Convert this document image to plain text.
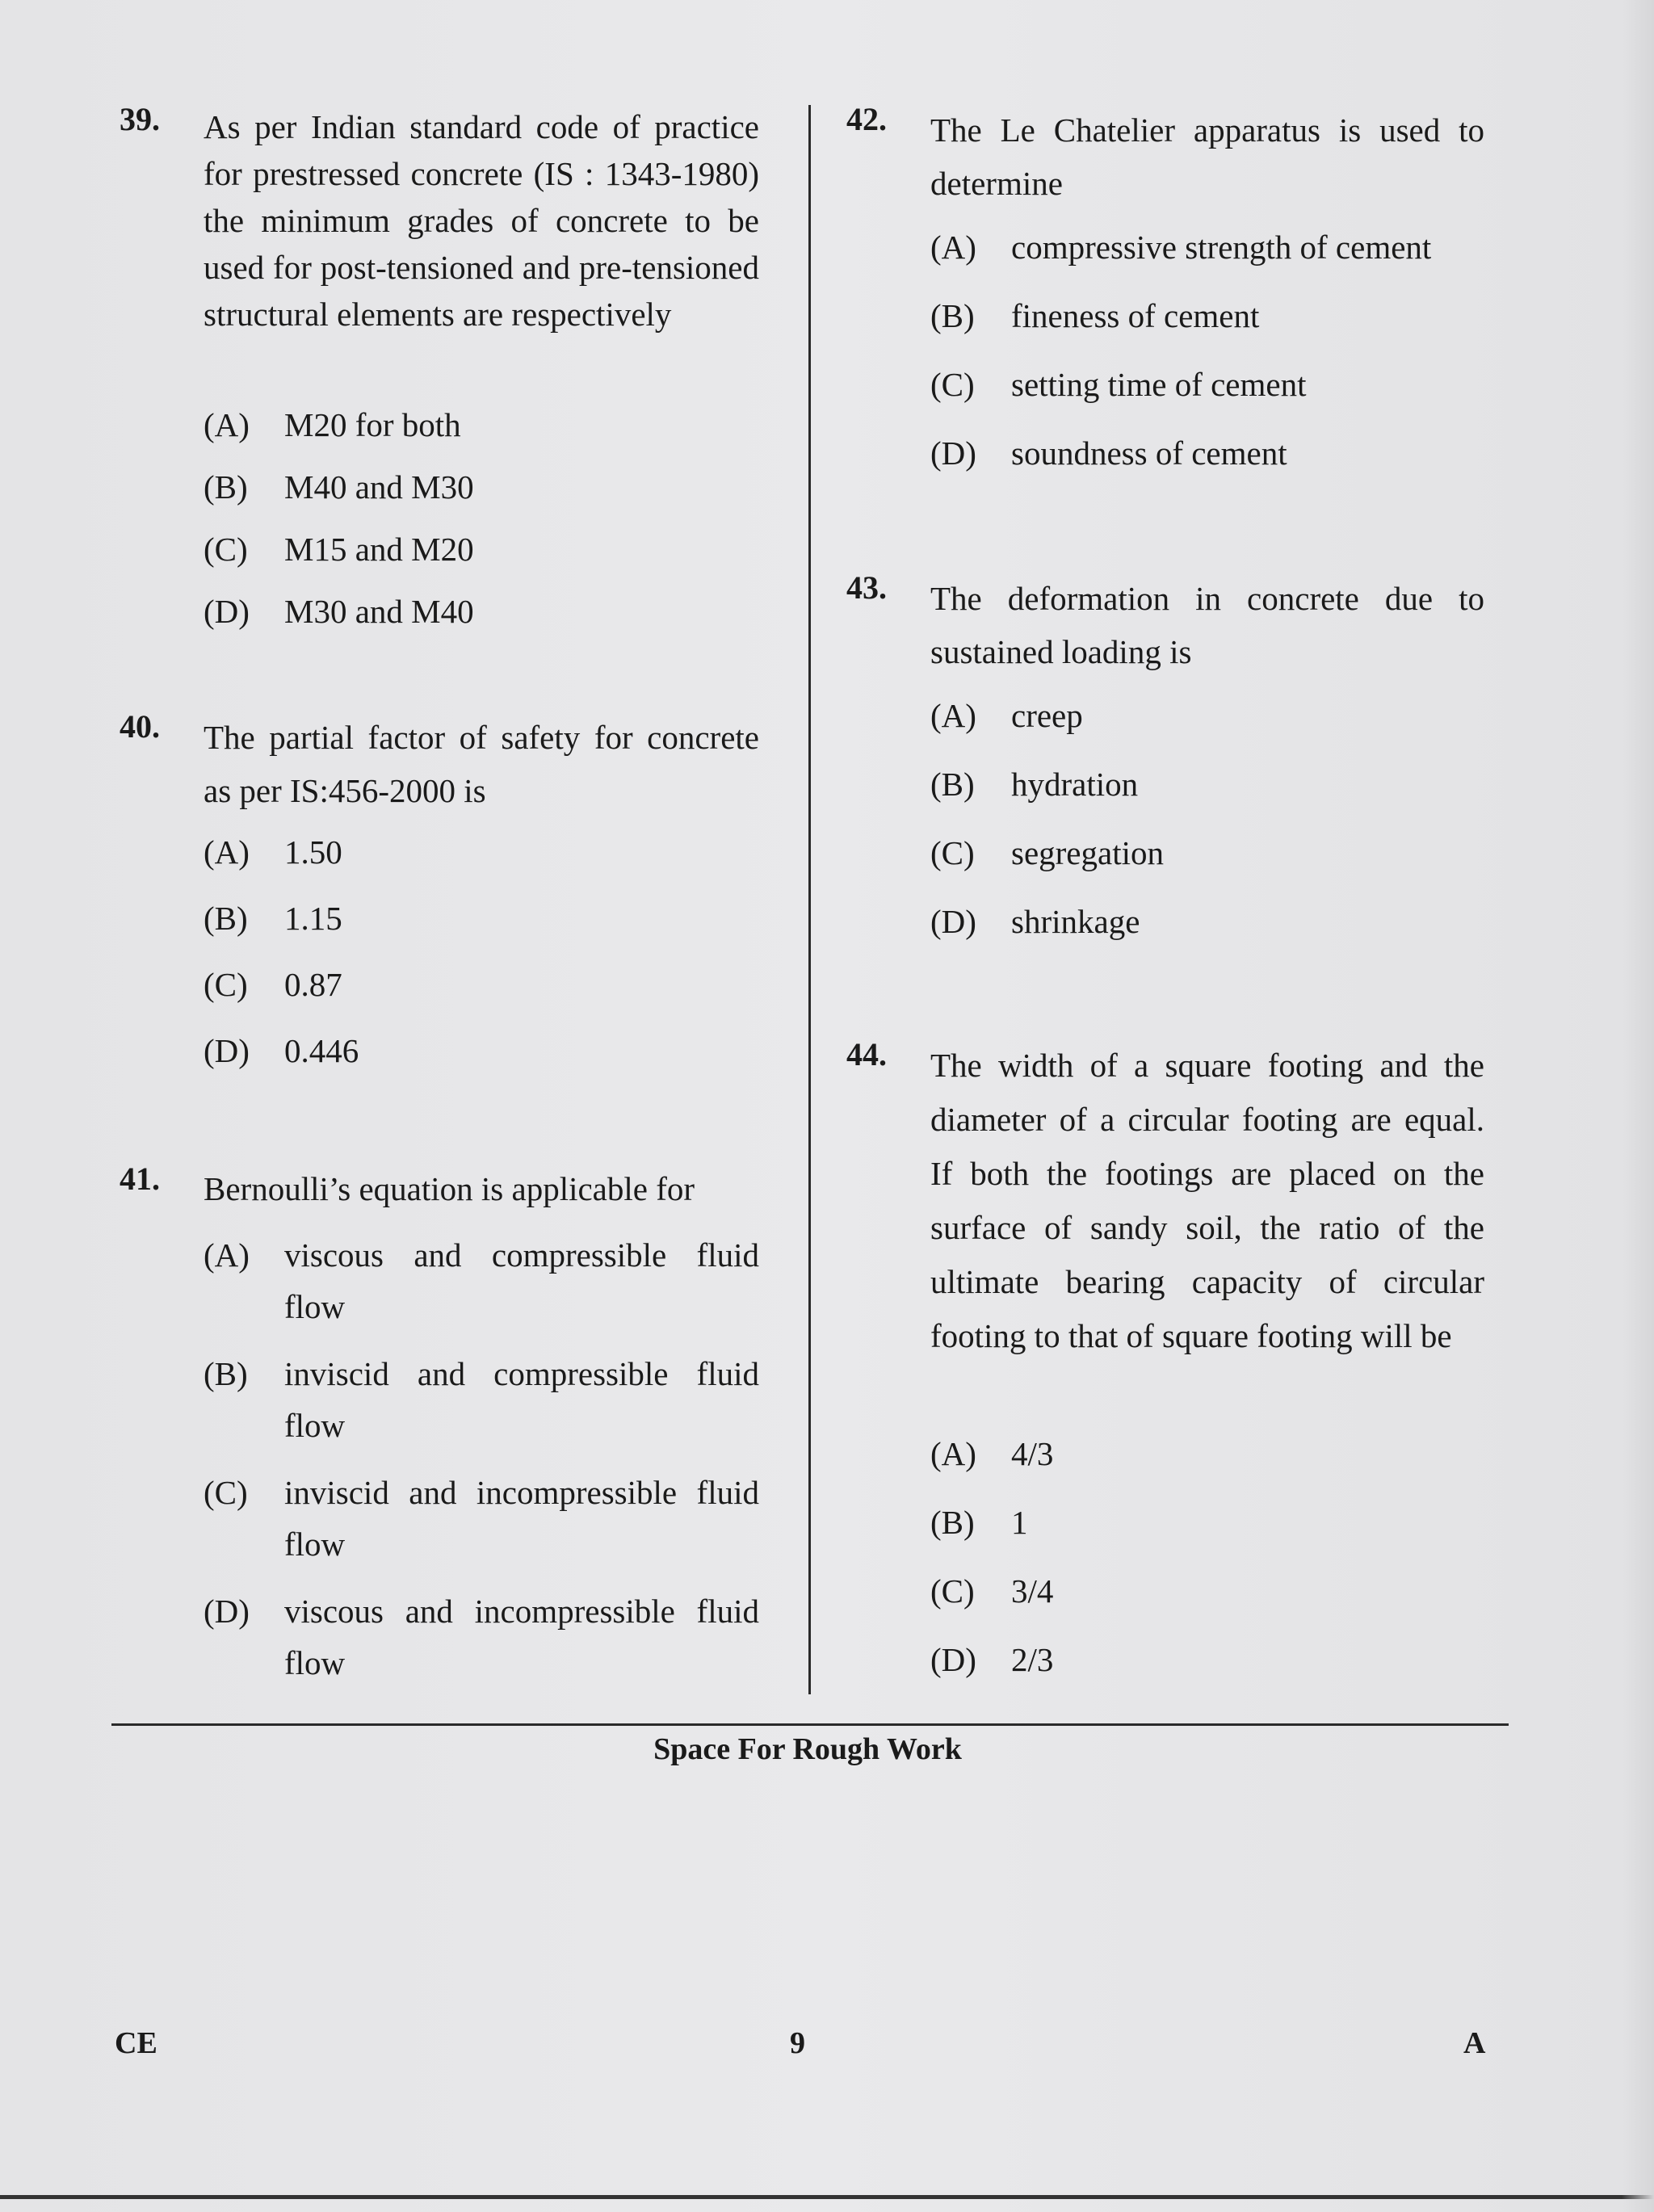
39. As per Indian standard code of practice for prestressed concrete (IS : 1343-1980) the minimum grades of concrete to be used for post-tensioned and pre-tensioned structural elements are respectively
(A)	M20 for both
(B)	M40 and M30
(C)	M15 and M20
(D)	M30 and M40
40. The partial factor of safety for concrete as per IS:456-2000 is
(A)	1.50
(B)	1.15
(C)	0.87
(D)	0.446
41. Bernoulli’s equation is applicable for
(A)	viscous and compressible fluid flow
(B)	inviscid and compressible fluid flow
(C)	inviscid and incompressible fluid flow
(D)	viscous and incompressible fluid flow
42. The Le Chatelier apparatus is used to determine
(A)	compressive strength of cement
(B)	fineness of cement
(C)	setting time of cement
(D)	soundness of cement
43. The deformation in concrete due to sustained loading is
(A)	creep
(B)	hydration
(C)	segregation
(D)	shrinkage
44. The width of a square footing and the diameter of a circular footing are equal. If both the footings are placed on the surface of sandy soil, the ratio of the ultimate bearing capacity of circular footing to that of square footing will be
(A)	4/3
(B)	1
(C)	3/4
(D)	2/3
Space For Rough Work
CE	9	A
